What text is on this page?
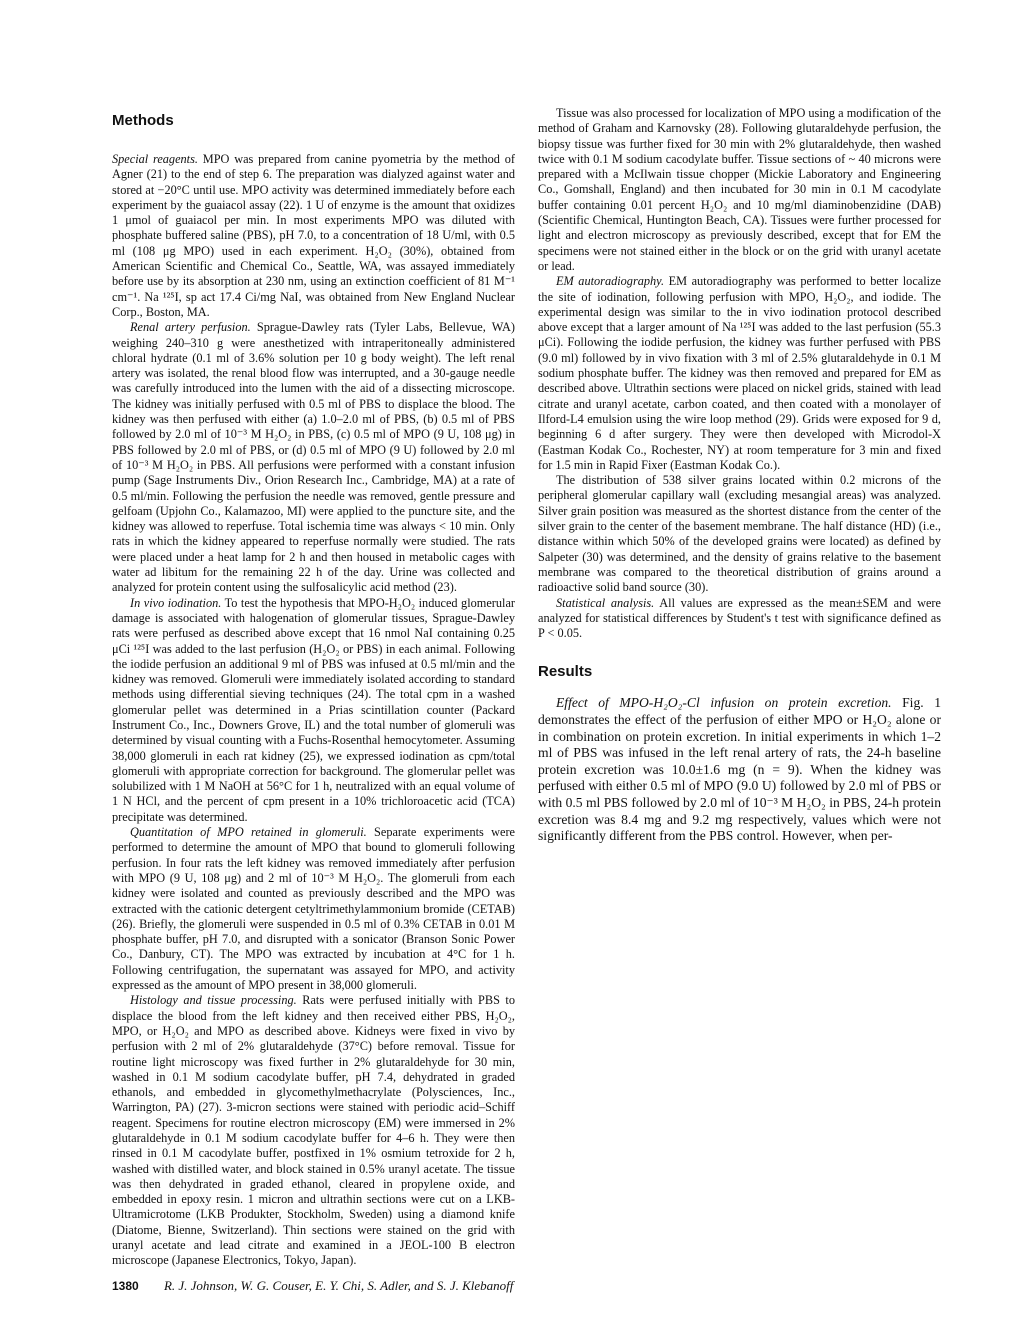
Methods

Special reagents. MPO was prepared from canine pyometria by the method of Agner (21) to the end of step 6. The preparation was dialyzed against water and stored at −20°C until use. MPO activity was determined immediately before each experiment by the guaiacol assay (22). 1 U of enzyme is the amount that oxidizes 1 μmol of guaiacol per min. In most experiments MPO was diluted with phosphate buffered saline (PBS), pH 7.0, to a concentration of 18 U/ml, with 0.5 ml (108 μg MPO) used in each experiment. H₂O₂ (30%), obtained from American Scientific and Chemical Co., Seattle, WA, was assayed immediately before use by its absorption at 230 nm, using an extinction coefficient of 81 M⁻¹ cm⁻¹. Na ¹²⁵I, sp act 17.4 Ci/mg NaI, was obtained from New England Nuclear Corp., Boston, MA.

Renal artery perfusion. Sprague-Dawley rats (Tyler Labs, Bellevue, WA) weighing 240–310 g were anesthetized with intraperitoneally administered chloral hydrate (0.1 ml of 3.6% solution per 10 g body weight). The left renal artery was isolated, the renal blood flow was interrupted, and a 30-gauge needle was carefully introduced into the lumen with the aid of a dissecting microscope. The kidney was initially perfused with 0.5 ml of PBS to displace the blood. The kidney was then perfused with either (a) 1.0–2.0 ml of PBS, (b) 0.5 ml of PBS followed by 2.0 ml of 10⁻³ M H₂O₂ in PBS, (c) 0.5 ml of MPO (9 U, 108 μg) in PBS followed by 2.0 ml of PBS, or (d) 0.5 ml of MPO (9 U) followed by 2.0 ml of 10⁻³ M H₂O₂ in PBS. All perfusions were performed with a constant infusion pump (Sage Instruments Div., Orion Research Inc., Cambridge, MA) at a rate of 0.5 ml/min. Following the perfusion the needle was removed, gentle pressure and gelfoam (Upjohn Co., Kalamazoo, MI) were applied to the puncture site, and the kidney was allowed to reperfuse. Total ischemia time was always < 10 min. Only rats in which the kidney appeared to reperfuse normally were studied. The rats were placed under a heat lamp for 2 h and then housed in metabolic cages with water ad libitum for the remaining 22 h of the day. Urine was collected and analyzed for protein content using the sulfosalicylic acid method (23).

In vivo iodination. To test the hypothesis that MPO-H₂O₂ induced glomerular damage is associated with halogenation of glomerular tissues, Sprague-Dawley rats were perfused as described above except that 16 nmol NaI containing 0.25 μCi ¹²⁵I was added to the last perfusion (H₂O₂ or PBS) in each animal. Following the iodide perfusion an additional 9 ml of PBS was infused at 0.5 ml/min and the kidney was removed. Glomeruli were immediately isolated according to standard methods using differential sieving techniques (24). The total cpm in a washed glomerular pellet was determined in a Prias scintillation counter (Packard Instrument Co., Inc., Downers Grove, IL) and the total number of glomeruli was determined by visual counting with a Fuchs-Rosenthal hemocytometer. Assuming 38,000 glomeruli in each rat kidney (25), we expressed iodination as cpm/total glomeruli with appropriate correction for background. The glomerular pellet was solubilized with 1 M NaOH at 56°C for 1 h, neutralized with an equal volume of 1 N HCl, and the percent of cpm present in a 10% trichloroacetic acid (TCA) precipitate was determined.

Quantitation of MPO retained in glomeruli. Separate experiments were performed to determine the amount of MPO that bound to glomeruli following perfusion. In four rats the left kidney was removed immediately after perfusion with MPO (9 U, 108 μg) and 2 ml of 10⁻³ M H₂O₂. The glomeruli from each kidney were isolated and counted as previously described and the MPO was extracted with the cationic detergent cetyltrimethylammonium bromide (CETAB) (26). Briefly, the glomeruli were suspended in 0.5 ml of 0.3% CETAB in 0.01 M phosphate buffer, pH 7.0, and disrupted with a sonicator (Branson Sonic Power Co., Danbury, CT). The MPO was extracted by incubation at 4°C for 1 h. Following centrifugation, the supernatant was assayed for MPO, and activity expressed as the amount of MPO present in 38,000 glomeruli.

Histology and tissue processing. Rats were perfused initially with PBS to displace the blood from the left kidney and then received either PBS, H₂O₂, MPO, or H₂O₂ and MPO as described above. Kidneys were fixed in vivo by perfusion with 2 ml of 2% glutaraldehyde (37°C) before removal. Tissue for routine light microscopy was fixed further in 2% glutaraldehyde for 30 min, washed in 0.1 M sodium cacodylate buffer, pH 7.4, dehydrated in graded ethanols, and embedded in glycomethylmethacrylate (Polysciences, Inc., Warrington, PA) (27). 3-micron sections were stained with periodic acid–Schiff reagent. Specimens for routine electron microscopy (EM) were immersed in 2% glutaraldehyde in 0.1 M sodium cacodylate buffer for 4–6 h. They were then rinsed in 0.1 M cacodylate buffer, postfixed in 1% osmium tetroxide for 2 h, washed with distilled water, and block stained in 0.5% uranyl acetate. The tissue was then dehydrated in graded ethanol, cleared in propylene oxide, and embedded in epoxy resin. 1 micron and ultrathin sections were cut on a LKB-Ultramicrotome (LKB Produkter, Stockholm, Sweden) using a diamond knife (Diatome, Bienne, Switzerland). Thin sections were stained on the grid with uranyl acetate and lead citrate and examined in a JEOL-100 B electron microscope (Japanese Electronics, Tokyo, Japan).

Tissue was also processed for localization of MPO using a modification of the method of Graham and Karnovsky (28). Following glutaraldehyde perfusion, the biopsy tissue was further fixed for 30 min with 2% glutaraldehyde, then washed twice with 0.1 M sodium cacodylate buffer. Tissue sections of ~ 40 microns were prepared with a McIlwain tissue chopper (Mickie Laboratory and Engineering Co., Gomshall, England) and then incubated for 30 min in 0.1 M cacodylate buffer containing 0.01 percent H₂O₂ and 10 mg/ml diaminobenzidine (DAB) (Scientific Chemical, Huntington Beach, CA). Tissues were further processed for light and electron microscopy as previously described, except that for EM the specimens were not stained either in the block or on the grid with uranyl acetate or lead.

EM autoradiography. EM autoradiography was performed to better localize the site of iodination, following perfusion with MPO, H₂O₂, and iodide. The experimental design was similar to the in vivo iodination protocol described above except that a larger amount of Na ¹²⁵I was added to the last perfusion (55.3 μCi). Following the iodide perfusion, the kidney was further perfused with PBS (9.0 ml) followed by in vivo fixation with 3 ml of 2.5% glutaraldehyde in 0.1 M sodium phosphate buffer. The kidney was then removed and prepared for EM as described above. Ultrathin sections were placed on nickel grids, stained with lead citrate and uranyl acetate, carbon coated, and then coated with a monolayer of Ilford-L4 emulsion using the wire loop method (29). Grids were exposed for 9 d, beginning 6 d after surgery. They were then developed with Microdol-X (Eastman Kodak Co., Rochester, NY) at room temperature for 3 min and fixed for 1.5 min in Rapid Fixer (Eastman Kodak Co.).

The distribution of 538 silver grains located within 0.2 microns of the peripheral glomerular capillary wall (excluding mesangial areas) was analyzed. Silver grain position was measured as the shortest distance from the center of the silver grain to the center of the basement membrane. The half distance (HD) (i.e., distance within which 50% of the developed grains were located) as defined by Salpeter (30) was determined, and the density of grains relative to the basement membrane was compared to the theoretical distribution of grains around a radioactive solid band source (30).

Statistical analysis. All values are expressed as the mean±SEM and were analyzed for statistical differences by Student's t test with significance defined as P < 0.05.

Results

Effect of MPO-H₂O₂-Cl infusion on protein excretion. Fig. 1 demonstrates the effect of the perfusion of either MPO or H₂O₂ alone or in combination on protein excretion. In initial experiments in which 1–2 ml of PBS was infused in the left renal artery of rats, the 24-h baseline protein excretion was 10.0±1.6 mg (n = 9). When the kidney was perfused with either 0.5 ml of MPO (9.0 U) followed by 2.0 ml of PBS or with 0.5 ml PBS followed by 2.0 ml of 10⁻³ M H₂O₂ in PBS, 24-h protein excretion was 8.4 mg and 9.2 mg respectively, values which were not significantly different from the PBS control. However, when per-

1380 R. J. Johnson, W. G. Couser, E. Y. Chi, S. Adler, and S. J. Klebanoff
